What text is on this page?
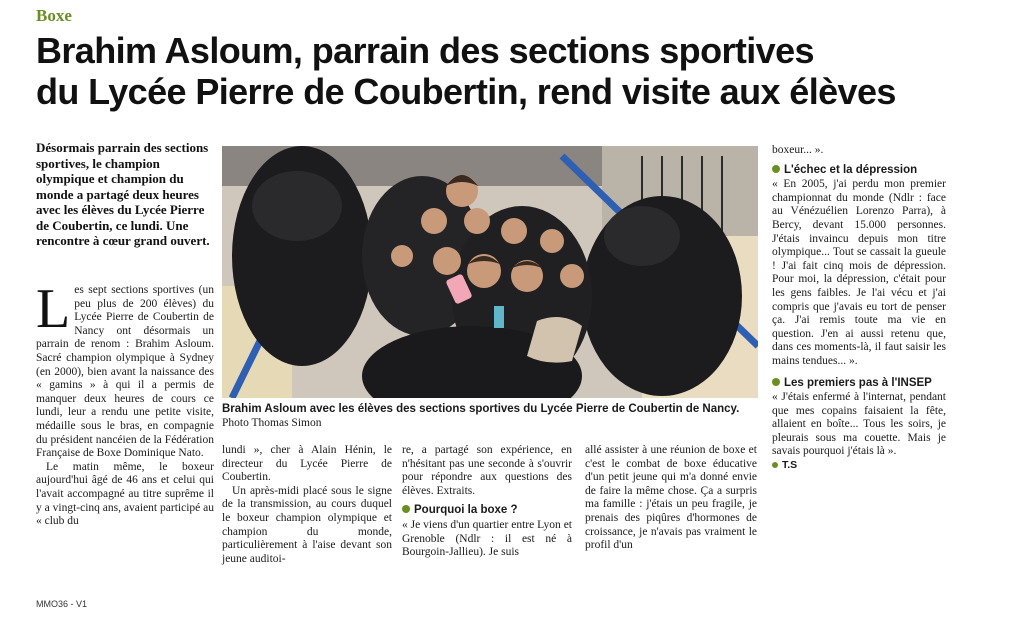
Boxe
Brahim Asloum, parrain des sections sportives
du Lycée Pierre de Coubertin, rend visite aux élèves
Désormais parrain des sections sportives, le champion olympique et champion du monde a partagé deux heures avec les élèves du Lycée Pierre de Coubertin, ce lundi. Une rencontre à cœur grand ouvert.
L es sept sections sportives (un peu plus de 200 élèves) du Lycée Pierre de Coubertin de Nancy ont désormais un parrain de renom : Brahim Asloum. Sacré champion olympique à Sydney (en 2000), bien avant la naissance des « gamins » à qui il a permis de manquer deux heures de cours ce lundi, leur a rendu une petite visite, médaille sous le bras, en compagnie du président nancéien de la Fédération Française de Boxe Dominique Nato.

Le matin même, le boxeur aujourd'hui âgé de 46 ans et celui qui l'avait accompagné au titre suprême il y a vingt-cinq ans, avaient participé au « club du

Brahim Asloum avec les élèves des sections sportives du Lycée Pierre de Coubertin de Nancy. Photo Thomas Simon

lundi », cher à Alain Hénin, le directeur du Lycée Pierre de Coubertin.

Un après-midi placé sous le signe de la transmission, au cours duquel le boxeur champion olympique et champion du monde, particulièrement à l'aise devant son jeune auditoi-

re, a partagé son expérience, en n'hésitant pas une seconde à s'ouvrir pour répondre aux questions des élèves. Extraits.

Pourquoi la boxe ?

« Je viens d'un quartier entre Lyon et Grenoble (Ndlr : il est né à Bourgoin-Jallieu). Je suis

allé assister à une réunion de boxe et c'est le combat de boxe éducative d'un petit jeune qui m'a donné envie de faire la même chose. Ça a surpris ma famille : j'étais un peu fragile, je prenais des piqûres d'hormones de croissance, je n'avais pas vraiment le profil d'un

boxeur... ».

L'échec et la dépression

« En 2005, j'ai perdu mon premier championnat du monde (Ndlr : face au Vénézuélien Lorenzo Parra), à Bercy, devant 15.000 personnes. J'étais invaincu depuis mon titre olympique... Tout se cassait la gueule ! J'ai fait cinq mois de dépression. Pour moi, la dépression, c'était pour les gens faibles. Je l'ai vécu et j'ai compris que j'avais eu tort de penser ça. J'ai remis toute ma vie en question. J'en ai aussi retenu que, dans ces moments-là, il faut saisir les mains tendues... ».

Les premiers pas à l'INSEP

« J'étais enfermé à l'internat, pendant que mes copains faisaient la fête, allaient en boîte... Tous les soirs, je pleurais sous ma couette. Mais je savais pourquoi j'étais là ».

T.S

MMO36 - V1
